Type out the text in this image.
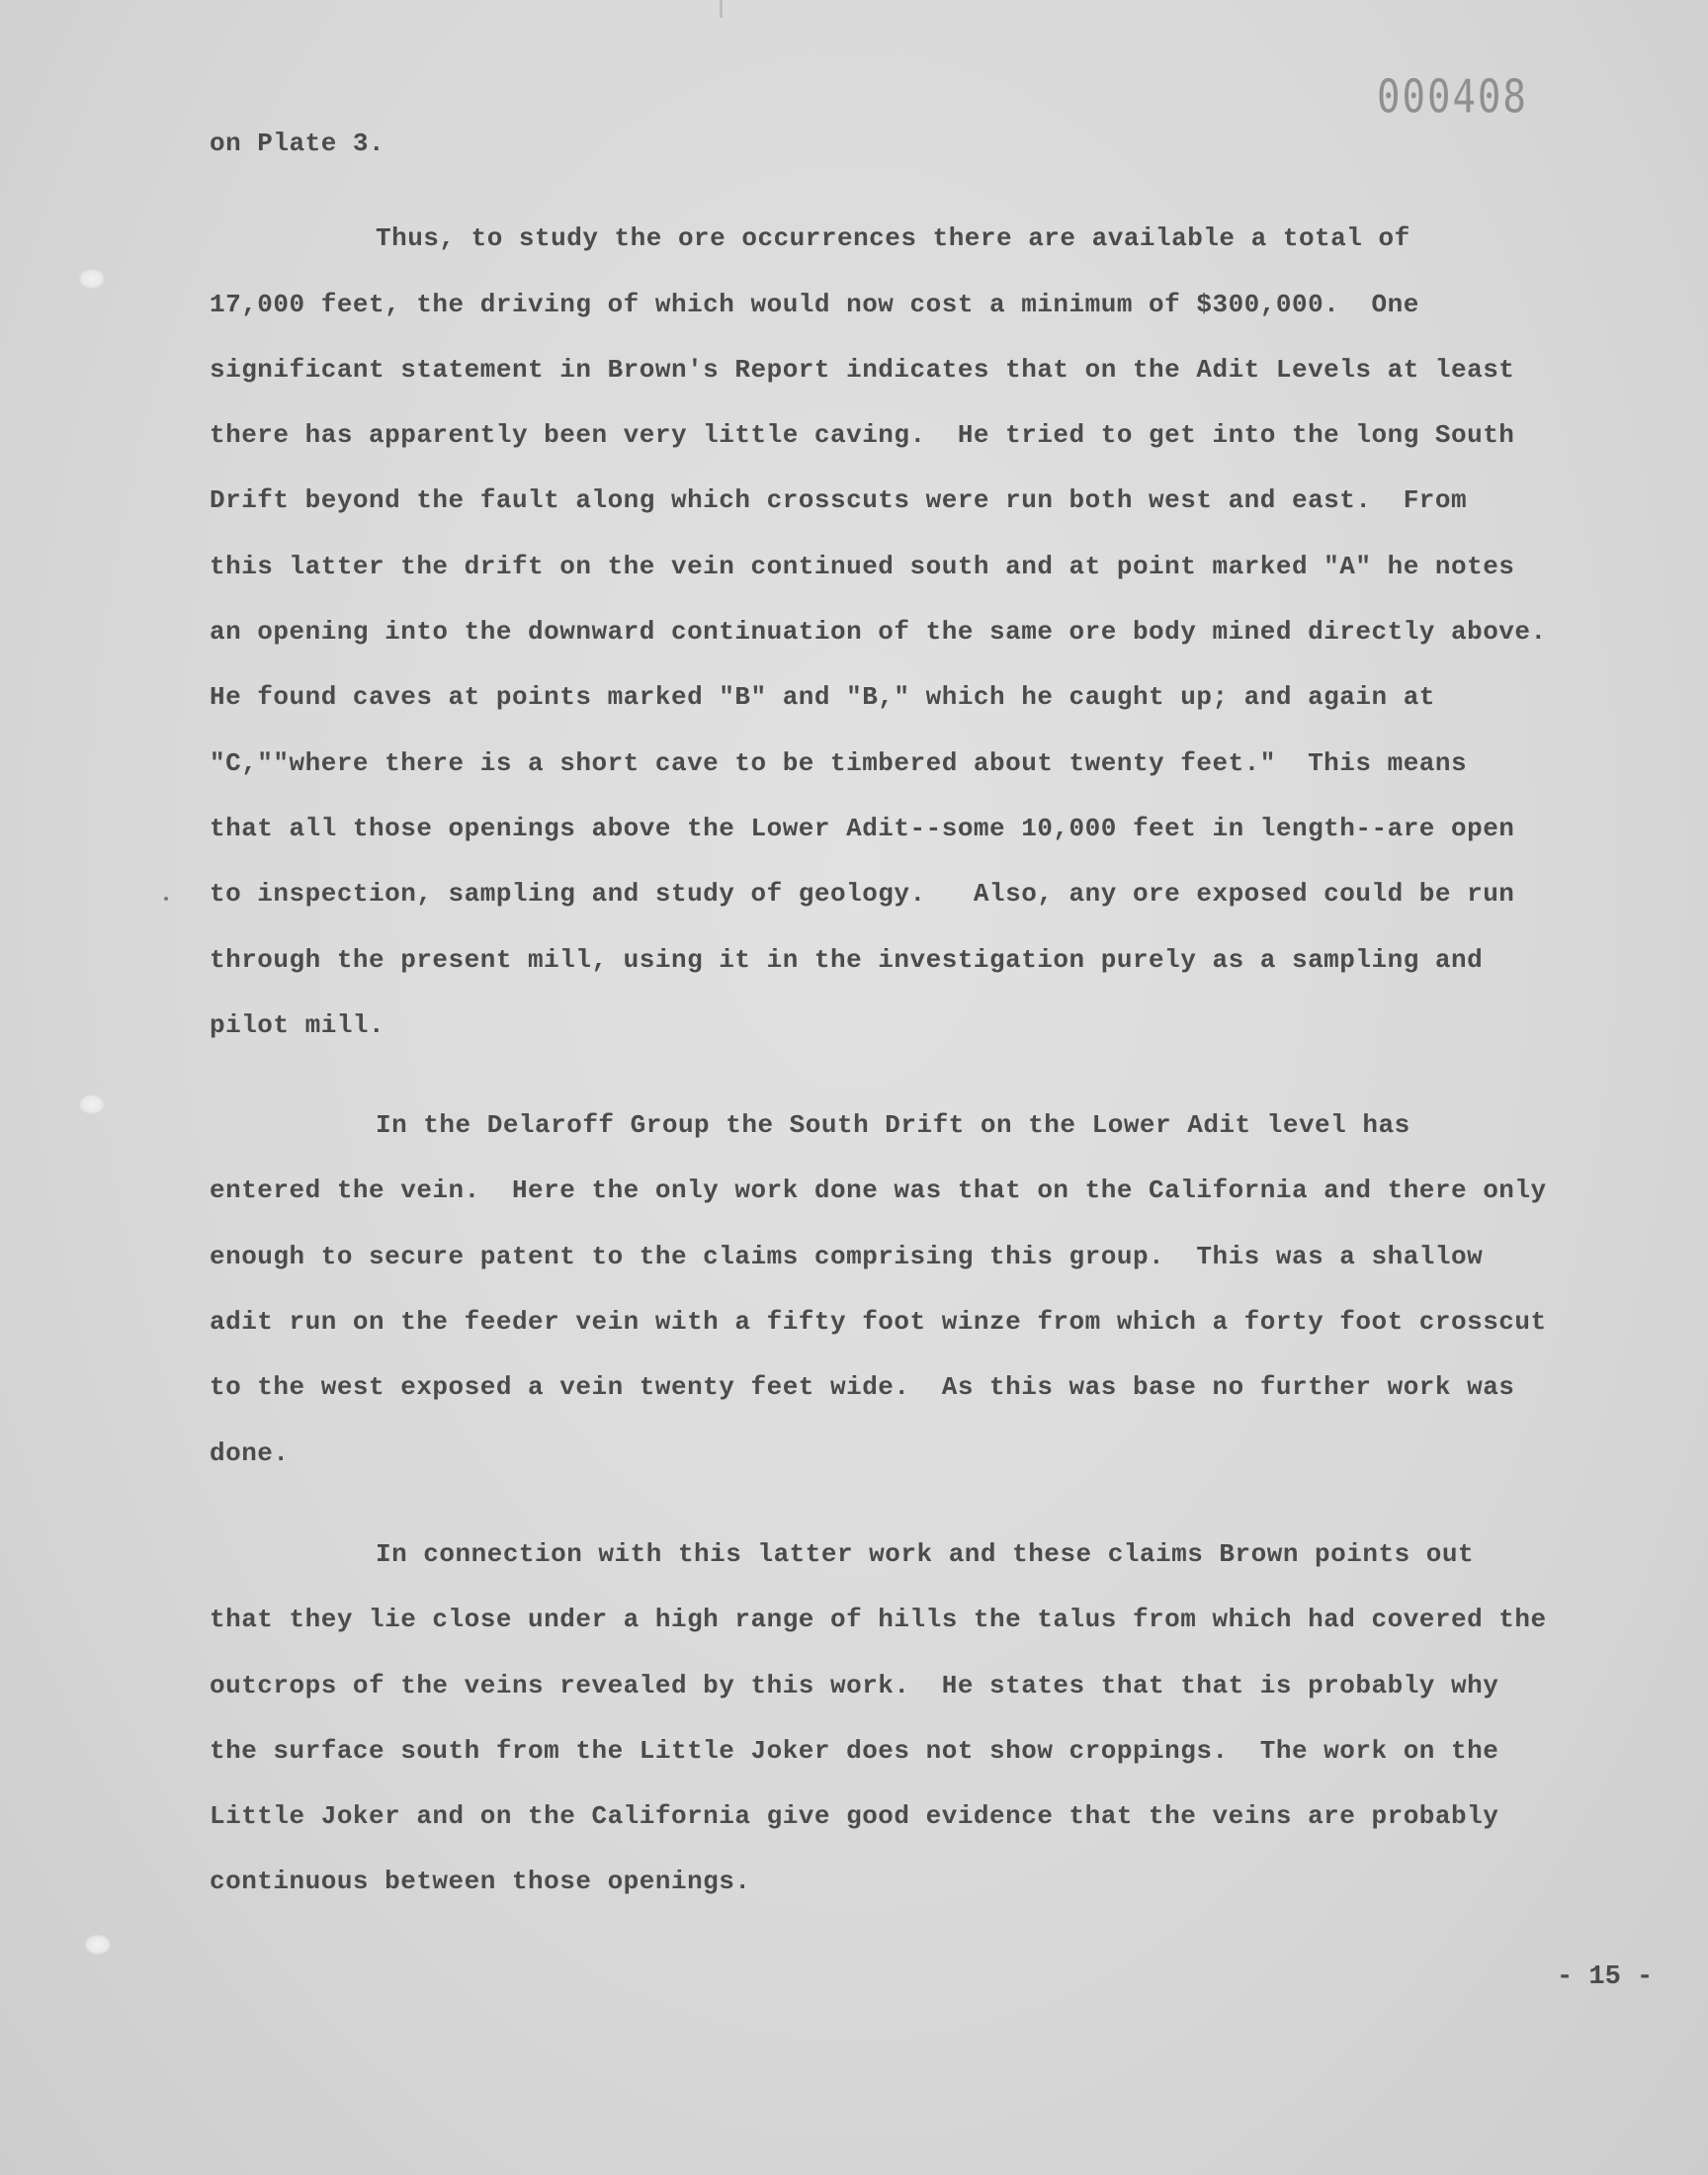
000408
on Plate 3.
Thus, to study the ore occurrences there are available a total of
17,000 feet, the driving of which would now cost a minimum of $300,000.  One
significant statement in Brown's Report indicates that on the Adit Levels at least
there has apparently been very little caving.  He tried to get into the long South
Drift beyond the fault along which crosscuts were run both west and east.  From
this latter the drift on the vein continued south and at point marked "A" he notes
an opening into the downward continuation of the same ore body mined directly above.
He found caves at points marked "B" and "B," which he caught up; and again at
"C,""where there is a short cave to be timbered about twenty feet."  This means
that all those openings above the Lower Adit--some 10,000 feet in length--are open
to inspection, sampling and study of geology.   Also, any ore exposed could be run
through the present mill, using it in the investigation purely as a sampling and
pilot mill.
In the Delaroff Group the South Drift on the Lower Adit level has
entered the vein.  Here the only work done was that on the California and there only
enough to secure patent to the claims comprising this group.  This was a shallow
adit run on the feeder vein with a fifty foot winze from which a forty foot crosscut
to the west exposed a vein twenty feet wide.  As this was base no further work was
done.
In connection with this latter work and these claims Brown points out
that they lie close under a high range of hills the talus from which had covered the
outcrops of the veins revealed by this work.  He states that that is probably why
the surface south from the Little Joker does not show croppings.  The work on the
Little Joker and on the California give good evidence that the veins are probably
continuous between those openings.
- 15 -
